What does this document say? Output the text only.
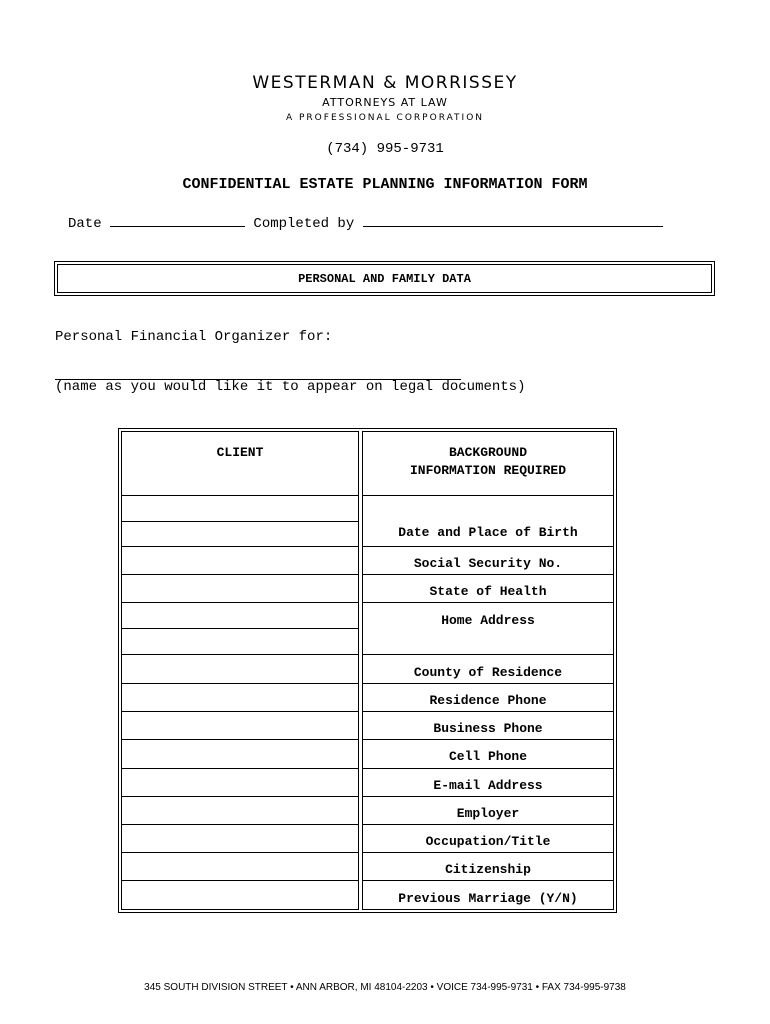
WESTERMAN & MORRISSEY
ATTORNEYS AT LAW
A PROFESSIONAL CORPORATION
(734) 995-9731
CONFIDENTIAL ESTATE PLANNING INFORMATION FORM
Date	Completed by
PERSONAL AND FAMILY DATA
Personal Financial Organizer for:
(name as you would like it to appear on legal documents)
CLIENT	BACKGROUND
INFORMATION REQUIRED
Date and Place of Birth
Social Security No.
State of Health
Home Address
County of Residence
Residence Phone
Business Phone
Cell Phone
E-mail Address
Employer
Occupation/Title
Citizenship
Previous Marriage (Y/N)
345 SOUTH DIVISION STREET • ANN ARBOR, MI 48104-2203 • VOICE 734-995-9731 • FAX 734-995-9738
